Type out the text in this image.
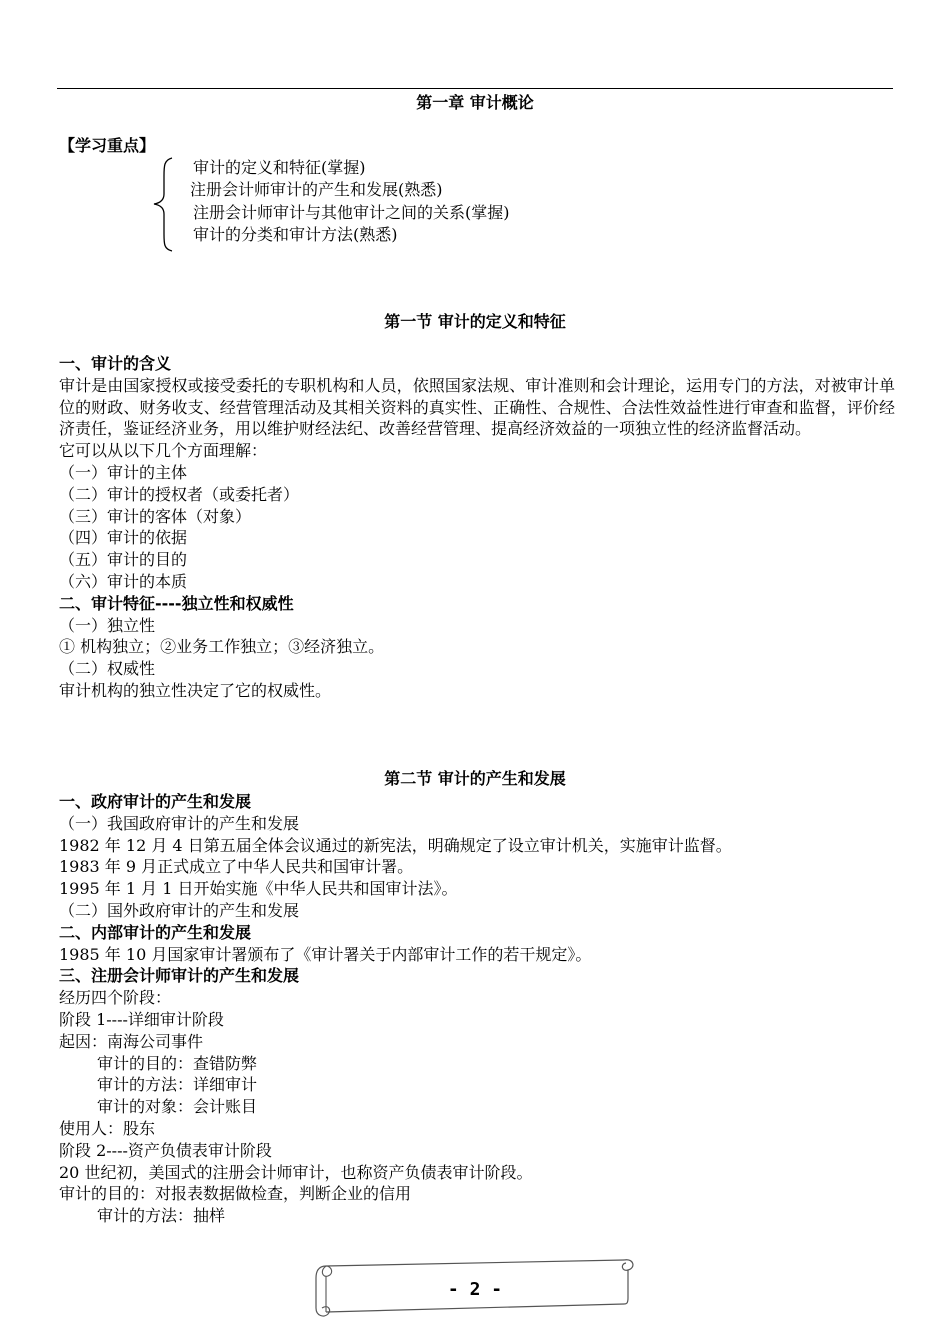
第一章 审计概论
【学习重点】
审计的定义和特征(掌握)
注册会计师审计的产生和发展(熟悉)
注册会计师审计与其他审计之间的关系(掌握)
审计的分类和审计方法(熟悉)
第一节 审计的定义和特征

一、审计的含义

审计是由国家授权或接受委托的专职机构和人员，依照国家法规、审计准则和会计理论，运用专门的方法，对被审计单位的财政、财务收支、经营管理活动及其相关资料的真实性、正确性、合规性、合法性效益性进行审查和监督，评价经济责任，鉴证经济业务，用以维护财经法纪、改善经营管理、提高经济效益的一项独立性的经济监督活动。

它可以从以下几个方面理解：

（一）审计的主体

（二）审计的授权者（或委托者）

（三）审计的客体（对象）

（四）审计的依据

（五）审计的目的

（六）审计的本质

二、审计特征----独立性和权威性

（一）独立性

① 机构独立；②业务工作独立；③经济独立。

（二）权威性

审计机构的独立性决定了它的权威性。

第二节 审计的产生和发展

一、政府审计的产生和发展

（一）我国政府审计的产生和发展

1982 年 12 月 4 日第五届全体会议通过的新宪法，明确规定了设立审计机关，实施审计监督。

1983 年 9 月正式成立了中华人民共和国审计署。

1995 年 1 月 1 日开始实施《中华人民共和国审计法》。

（二）国外政府审计的产生和发展

二、内部审计的产生和发展

1985 年 10 月国家审计署颁布了《审计署关于内部审计工作的若干规定》。

三、注册会计师审计的产生和发展

经历四个阶段：

阶段 1----详细审计阶段

起因：南海公司事件

审计的目的：查错防弊

审计的方法：详细审计

审计的对象：会计账目

使用人：股东

阶段 2----资产负债表审计阶段

20 世纪初，美国式的注册会计师审计，也称资产负债表审计阶段。

审计的目的：对报表数据做检查，判断企业的信用

审计的方法：抽样

- 2 -
